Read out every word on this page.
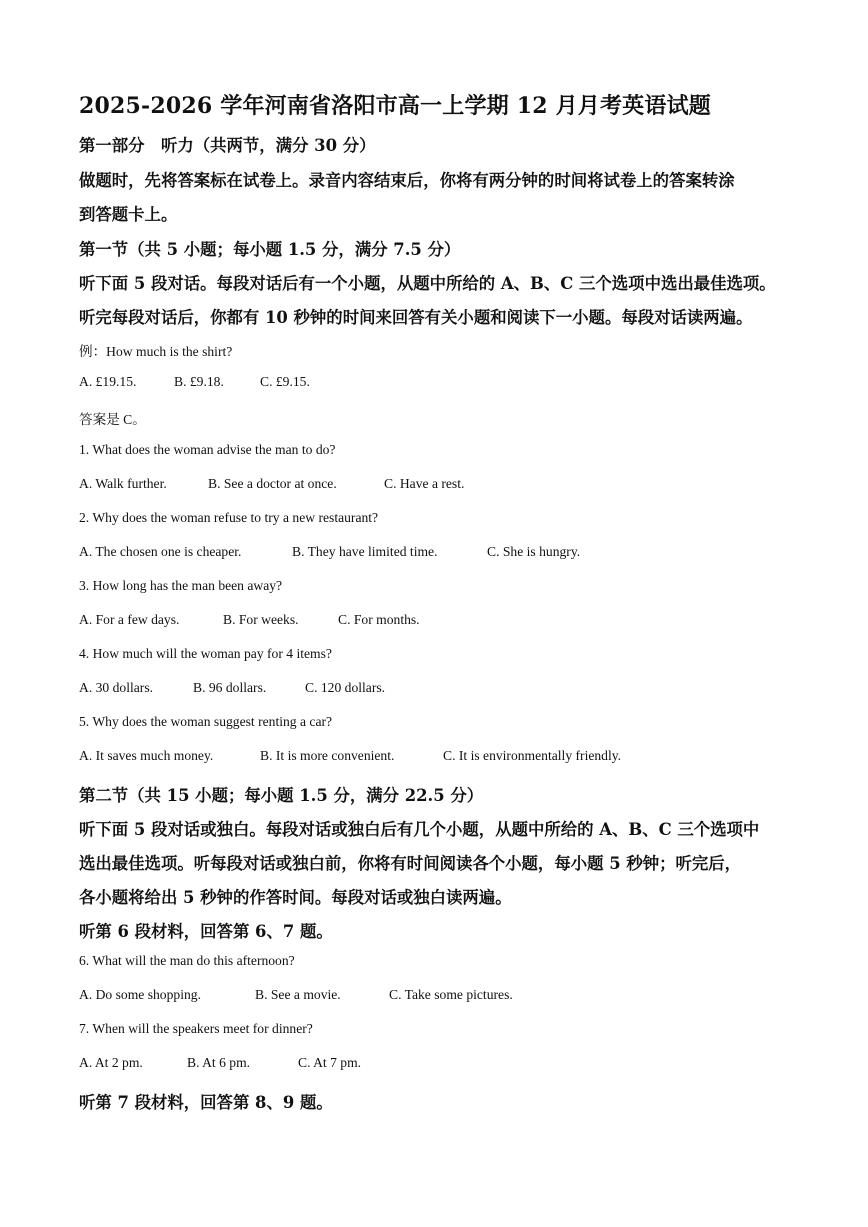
2025-2026 学年河南省洛阳市高一上学期 12 月月考英语试题
第一部分　听力（共两节，满分 30 分）
做题时，先将答案标在试卷上。录音内容结束后，你将有两分钟的时间将试卷上的答案转涂
到答题卡上。
第一节（共 5 小题；每小题 1.5 分，满分 7.5 分）
听下面 5 段对话。每段对话后有一个小题，从题中所给的 A、B、C 三个选项中选出最佳选项。
听完每段对话后，你都有 10 秒钟的时间来回答有关小题和阅读下一小题。每段对话读两遍。
例：How much is the shirt?
A. £19.15.	B. £9.18.	C. £9.15.
答案是 C。
1. What does the woman advise the man to do?
A. Walk further.	B. See a doctor at once.	C. Have a rest.
2. Why does the woman refuse to try a new restaurant?
A. The chosen one is cheaper.	B. They have limited time.	C. She is hungry.
3. How long has the man been away?
A. For a few days.	B. For weeks.	C. For months.
4. How much will the woman pay for 4 items?
A. 30 dollars.	B. 96 dollars.	C. 120 dollars.
5. Why does the woman suggest renting a car?
A. It saves much money.	B. It is more convenient.	C. It is environmentally friendly.
第二节（共 15 小题；每小题 1.5 分，满分 22.5 分）
听下面 5 段对话或独白。每段对话或独白后有几个小题，从题中所给的 A、B、C 三个选项中
选出最佳选项。听每段对话或独白前，你将有时间阅读各个小题，每小题 5 秒钟；听完后，
各小题将给出 5 秒钟的作答时间。每段对话或独白读两遍。
听第 6 段材料，回答第 6、7 题。
6. What will the man do this afternoon?
A. Do some shopping.	B. See a movie.	C. Take some pictures.
7. When will the speakers meet for dinner?
A. At 2 pm.	B. At 6 pm.	C. At 7 pm.
听第 7 段材料，回答第 8、9 题。
